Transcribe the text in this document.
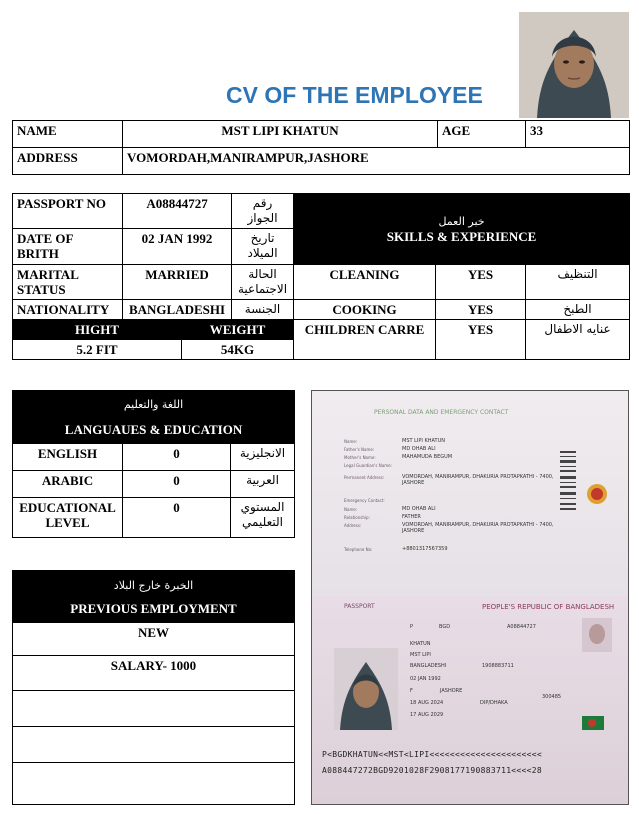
CV OF THE EMPLOYEE
NAME	MST LIPI KHATUN	AGE	33
ADDRESS	VOMORDAH,MANIRAMPUR,JASHORE		
PASSPORT NO	A08844727		رقم الجواز	خبر العمل
SKILLS & EXPERIENCE		
DATE OF BRITH	02 JAN 1992		تاريخ الميلاد			
MARITAL STATUS	MARRIED		الحالة الاجتماعية	CLEANING	YES	التنظيف
NATIONALITY	BANGLADESHI		الجنسة	COOKING	YES	الطبخ
HIGHT		WEIGHT		CHILDREN CARRE	YES	عنايه الاطفال
5.2 FIT		54KG				
اللغة والتعليم
LANGUAUES & EDUCATION		

ENGLISH	0	الانجليزية
ARABIC	0	العربية
EDUCATIONAL LEVEL	0	المستوي التعليمي
الخبرة خارج البلاد
PREVIOUS EMPLOYMENT

NEW
SALARY- 1000

PERSONAL DATA AND EMERGENCY CONTACT
Name:	MST LIPI KHATUN
Father's Name:	MD OHAB ALI
Mother's Name:	MAHAMUDA BEGUM
Legal Guardian's Name:
Permanent Address:	VOMORDAH, MANIRAMPUR, DHAKURIA PROTAPKATHI - 7400, JASHORE
Emergency Contact:
Name:	MD OHAB ALI
Relationship:	FATHER
Address:	VOMORDAH, MANIRAMPUR, DHAKURIA PROTAPKATHI - 7400, JASHORE
Telephone No:	+8801317567359
PASSPORT	PEOPLE'S REPUBLIC OF BANGLADESH
P	BGD	A08844727
KHATUN
MST LIPI
BANGLADESHI	1908883711
02 JAN 1992
F	JASHORE
300485
18 AUG 2024	DIP/DHAKA
17 AUG 2029
P<BGDKHATUN<<MST<LIPI<<<<<<<<<<<<<<<<<<<<<<
A088447272BGD9201028F2908177190883711<<<<28
